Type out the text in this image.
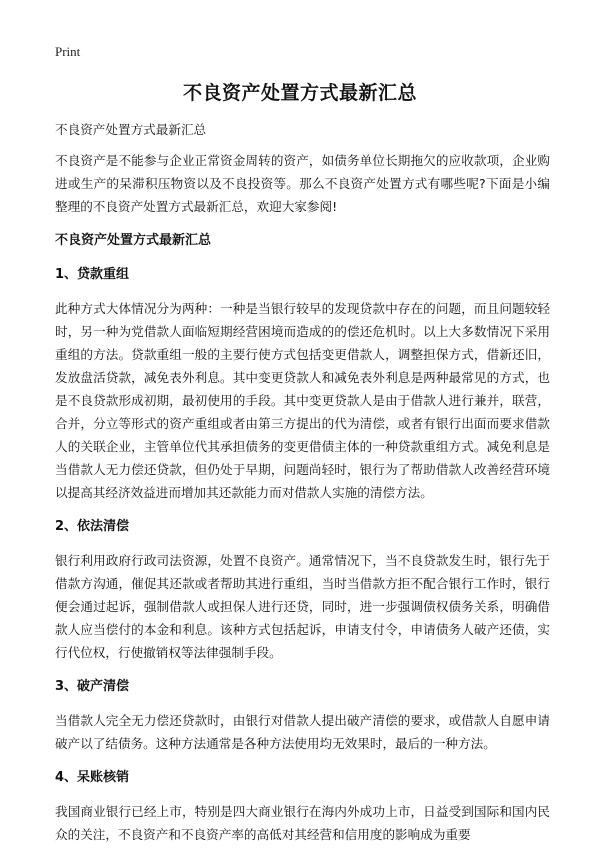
Print
不良资产处置方式最新汇总

不良资产处置方式最新汇总

不良资产是不能参与企业正常资金周转的资产，如债务单位长期拖欠的应收款项，企业购进或生产的呆滞积压物资以及不良投资等。那么不良资产处置方式有哪些呢?下面是小编整理的不良资产处置方式最新汇总，欢迎大家参阅!

不良资产处置方式最新汇总
1、贷款重组

此种方式大体情况分为两种：一种是当银行较早的发现贷款中存在的问题，而且问题较轻时，另一种为党借款人面临短期经营困境而造成的的偿还危机时。以上大多数情况下采用重组的方法。贷款重组一般的主要行使方式包括变更借款人，调整担保方式，借新还旧，发放盘活贷款，减免表外利息。其中变更贷款人和减免表外利息是两种最常见的方式，也是不良贷款形成初期，最初使用的手段。其中变更贷款人是由于借款人进行兼并，联营，合并，分立等形式的资产重组或者由第三方提出的代为清偿，或者有银行出面而要求借款人的关联企业，主管单位代其承担债务的变更借债主体的一种贷款重组方式。减免利息是当借款人无力偿还贷款，但仍处于早期，问题尚轻时，银行为了帮助借款人改善经营环境以提高其经济效益进而增加其还款能力而对借款人实施的清偿方法。

2、依法清偿

银行利用政府行政司法资源，处置不良资产。通常情况下，当不良贷款发生时，银行先于借款方沟通，催促其还款或者帮助其进行重组，当时当借款方拒不配合银行工作时，银行便会通过起诉，强制借款人或担保人进行还贷，同时，进一步强调债权债务关系，明确借款人应当偿付的本金和利息。该种方式包括起诉，申请支付令，申请债务人破产还债，实行代位权，行使撤销权等法律强制手段。

3、破产清偿

当借款人完全无力偿还贷款时，由银行对借款人提出破产清偿的要求，或借款人自愿申请破产以了结债务。这种方法通常是各种方法使用均无效果时，最后的一种方法。

4、呆账核销

我国商业银行已经上市，特别是四大商业银行在海内外成功上市，日益受到国际和国内民众的关注，不良资产和不良资产率的高低对其经营和信用度的影响成为重要
